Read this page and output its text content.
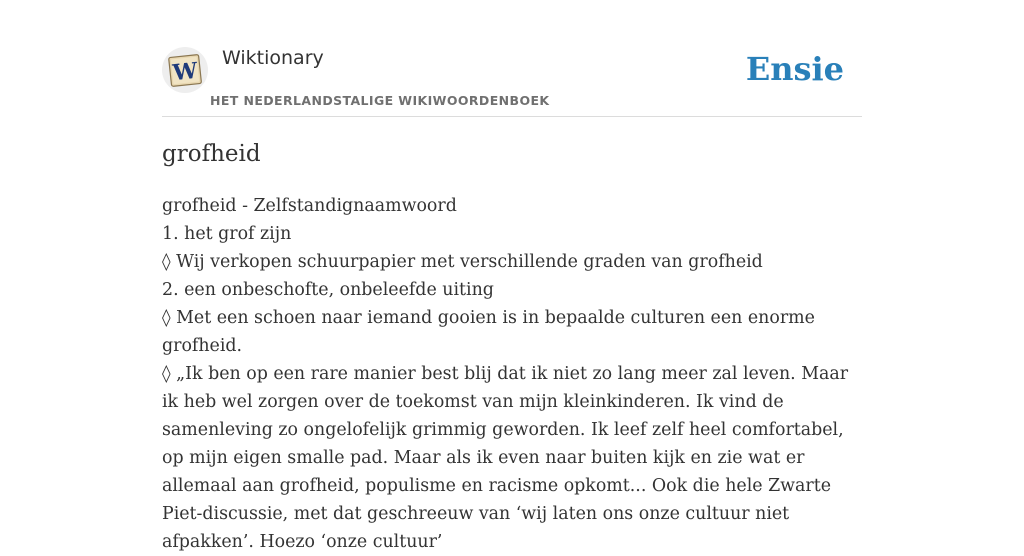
W Wiktionary
HET NEDERLANDSTALIGE WIKIWOORDENBOEK
Ensie
grofheid

grofheid - Zelfstandignaamwoord

1. het grof zijn

◊ Wij verkopen schuurpapier met verschillende graden van grofheid

2. een onbeschofte, onbeleefde uiting

◊ Met een schoen naar iemand gooien is in bepaalde culturen een enorme grofheid.

◊ „Ik ben op een rare manier best blij dat ik niet zo lang meer zal leven. Maar ik heb wel zorgen over de toekomst van mijn kleinkinderen. Ik vind de samenleving zo ongelofelijk grimmig geworden. Ik leef zelf heel comfortabel, op mijn eigen smalle pad. Maar als ik even naar buiten kijk en zie wat er allemaal aan grofheid, populisme en racisme opkomt... Ook die hele Zwarte Piet-discussie, met dat geschreeuw van ‘wij laten ons onze cultuur niet afpakken’. Hoezo ‘onze cultuur’
